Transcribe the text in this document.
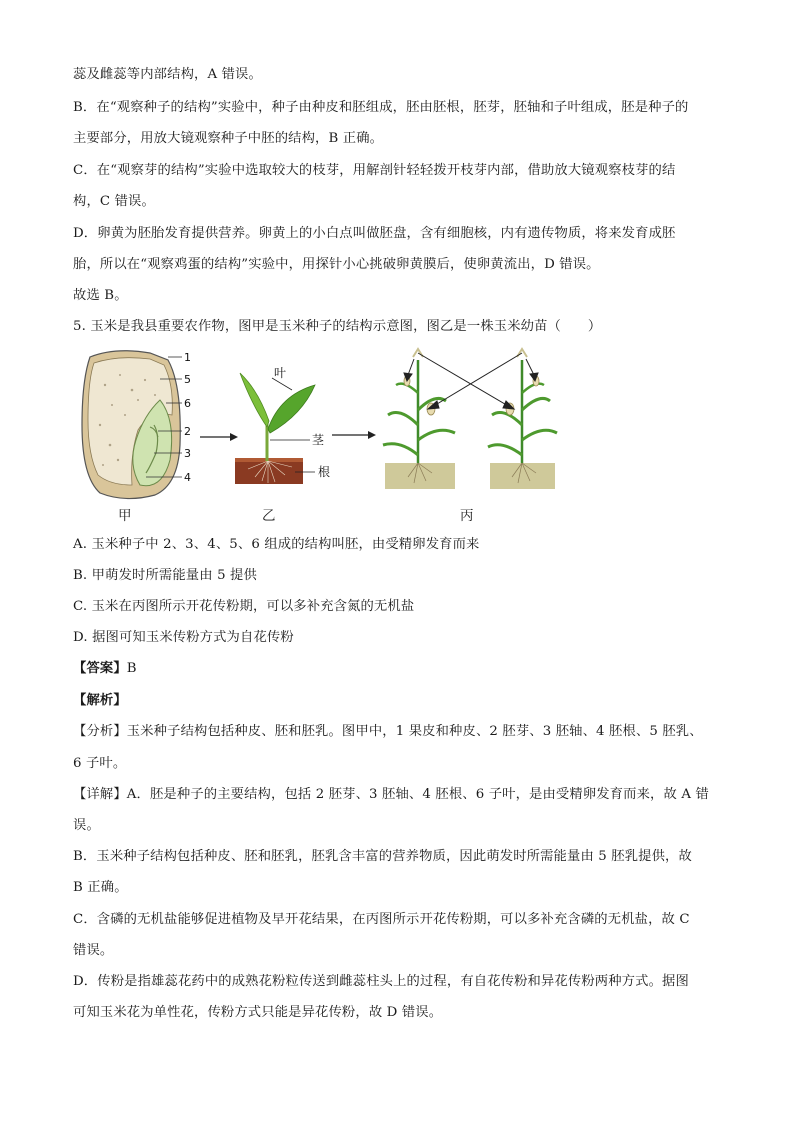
蕊及雌蕊等内部结构，A 错误。
B．在“观察种子的结构”实验中，种子由种皮和胚组成，胚由胚根，胚芽，胚轴和子叶组成，胚是种子的
主要部分，用放大镜观察种子中胚的结构，B 正确。
C．在“观察芽的结构”实验中选取较大的枝芽，用解剖针轻轻拨开枝芽内部，借助放大镜观察枝芽的结
构，C 错误。
D．卵黄为胚胎发育提供营养。卵黄上的小白点叫做胚盘，含有细胞核，内有遗传物质，将来发育成胚
胎，所以在“观察鸡蛋的结构”实验中，用探针小心挑破卵黄膜后，使卵黄流出，D 错误。
故选 B。
5. 玉米是我县重要农作物，图甲是玉米种子的结构示意图，图乙是一株玉米幼苗（　　）
1
5
6
2
3
4
叶
茎
根
甲	乙	丙
A. 玉米种子中 2、3、4、5、6 组成的结构叫胚，由受精卵发育而来
B. 甲萌发时所需能量由 5 提供
C. 玉米在丙图所示开花传粉期，可以多补充含氮的无机盐
D. 据图可知玉米传粉方式为自花传粉
【答案】B
【解析】
【分析】玉米种子结构包括种皮、胚和胚乳。图甲中，1 果皮和种皮、2 胚芽、3 胚轴、4 胚根、5 胚乳、
6 子叶。
【详解】A．胚是种子的主要结构，包括 2 胚芽、3 胚轴、4 胚根、6 子叶，是由受精卵发育而来，故 A 错
误。
B．玉米种子结构包括种皮、胚和胚乳，胚乳含丰富的营养物质，因此萌发时所需能量由 5 胚乳提供，故
B 正确。
C．含磷的无机盐能够促进植物及早开花结果，在丙图所示开花传粉期，可以多补充含磷的无机盐，故 C
错误。
D．传粉是指雄蕊花药中的成熟花粉粒传送到雌蕊柱头上的过程，有自花传粉和异花传粉两种方式。据图
可知玉米花为单性花，传粉方式只能是异花传粉，故 D 错误。
